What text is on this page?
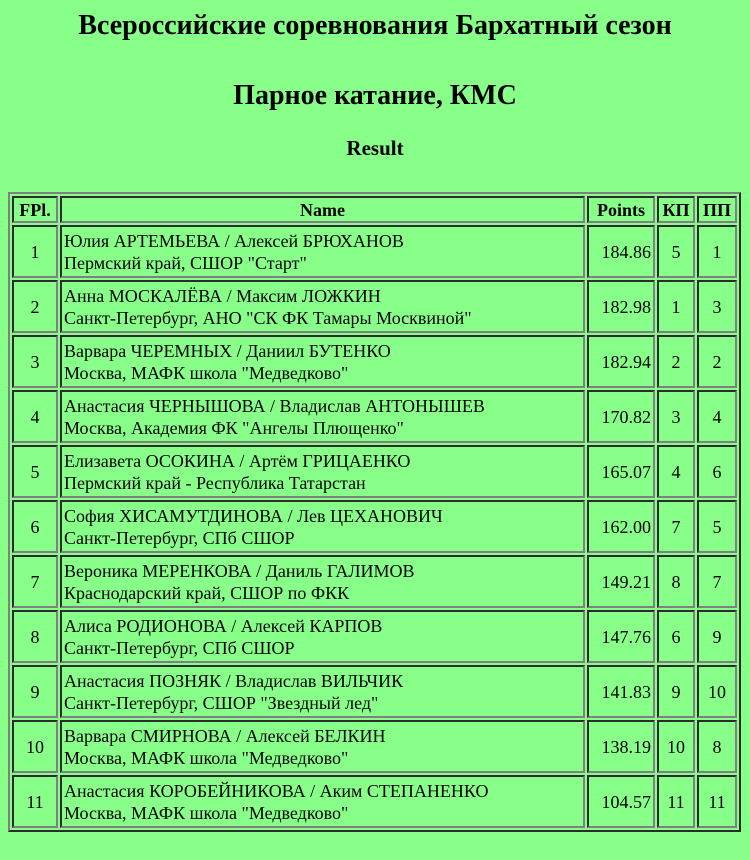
Всероссийские соревнования Бархатный сезон
Парное катание, КМС
Result
FPl.	Name	Points	КП	ПП
1	Юлия АРТЕМЬЕВА / Алексей БРЮХАНОВ
Пермский край, СШОР "Старт"	184.86	5	1
2	Анна МОСКАЛЁВА / Максим ЛОЖКИН
Санкт-Петербург, АНО "СК ФК Тамары Москвиной"	182.98	1	3
3	Варвара ЧЕРЕМНЫХ / Даниил БУТЕНКО
Москва, МАФК школа "Медведково"	182.94	2	2
4	Анастасия ЧЕРНЫШОВА / Владислав АНТОНЫШЕВ
Москва, Академия ФК "Ангелы Плющенко"	170.82	3	4
5	Елизавета ОСОКИНА / Артём ГРИЦАЕНКО
Пермский край - Республика Татарстан	165.07	4	6
6	София ХИСАМУТДИНОВА / Лев ЦЕХАНОВИЧ
Санкт-Петербург, СПб СШОР	162.00	7	5
7	Вероника МЕРЕНКОВА / Даниль ГАЛИМОВ
Краснодарский край, СШОР по ФКК	149.21	8	7
8	Алиса РОДИОНОВА / Алексей КАРПОВ
Санкт-Петербург, СПб СШОР	147.76	6	9
9	Анастасия ПОЗНЯК / Владислав ВИЛЬЧИК
Санкт-Петербург, СШОР "Звездный лед"	141.83	9	10
10	Варвара СМИРНОВА / Алексей БЕЛКИН
Москва, МАФК школа "Медведково"	138.19	10	8
11	Анастасия КОРОБЕЙНИКОВА / Аким СТЕПАНЕНКО
Москва, МАФК школа "Медведково"	104.57	11	11
